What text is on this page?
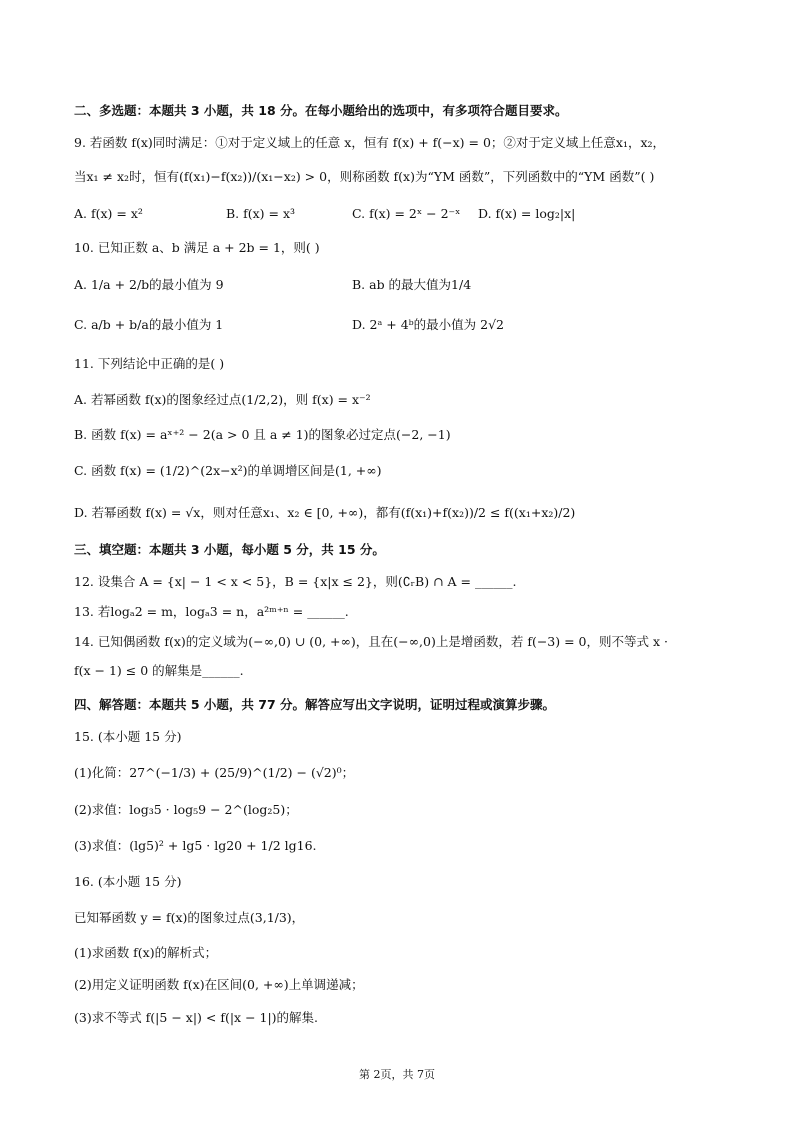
二、多选题：本题共 3 小题，共 18 分。在每小题给出的选项中，有多项符合题目要求。
9. 若函数 f(x)同时满足：①对于定义域上的任意 x，恒有 f(x) + f(−x) = 0；②对于定义域上任意x₁，x₂，
当x₁ ≠ x₂时，恒有(f(x₁)−f(x₂))/(x₁−x₂) > 0，则称函数 f(x)为“YM 函数”，下列函数中的“YM 函数”( )
A. f(x) = x²	B. f(x) = x³	C. f(x) = 2ˣ − 2⁻ˣ D. f(x) = log₂|x|
10. 已知正数 a、b 满足 a + 2b = 1，则( )
A. 1/a + 2/b的最小值为 9	B. ab 的最大值为1/4
C. a/b + b/a的最小值为 1	D. 2ᵃ + 4ᵇ的最小值为 2√2
11. 下列结论中正确的是( )
A. 若幂函数 f(x)的图象经过点(1/2,2)，则 f(x) = x⁻²
B. 函数 f(x) = aˣ⁺² − 2(a > 0 且 a ≠ 1)的图象必过定点(−2, −1)
C. 函数 f(x) = (1/2)^(2x−x²)的单调增区间是(1, +∞)
D. 若幂函数 f(x) = √x，则对任意x₁、x₂ ∈ [0, +∞)，都有(f(x₁)+f(x₂))/2 ≤ f((x₁+x₂)/2)
三、填空题：本题共 3 小题，每小题 5 分，共 15 分。
12. 设集合 A = {x| − 1 < x < 5}，B = {x|x ≤ 2}，则(∁ᵣB) ∩ A = ______.
13. 若logₐ2 = m，logₐ3 = n，a²ᵐ⁺ⁿ = ______.
14. 已知偶函数 f(x)的定义域为(−∞,0) ∪ (0, +∞)，且在(−∞,0)上是增函数，若 f(−3) = 0，则不等式 x ·
f(x − 1) ≤ 0 的解集是______.
四、解答题：本题共 5 小题，共 77 分。解答应写出文字说明，证明过程或演算步骤。
15. (本小题 15 分)
(1)化简：27^(−1/3) + (25/9)^(1/2) − (√2)⁰；
(2)求值：log₃5 · log₅9 − 2^(log₂5)；
(3)求值：(lg5)² + lg5 · lg20 + 1/2 lg16.
16. (本小题 15 分)
已知幂函数 y = f(x)的图象过点(3,1/3)，
(1)求函数 f(x)的解析式；
(2)用定义证明函数 f(x)在区间(0, +∞)上单调递减；
(3)求不等式 f(|5 − x|) < f(|x − 1|)的解集.
第 2页，共 7页
